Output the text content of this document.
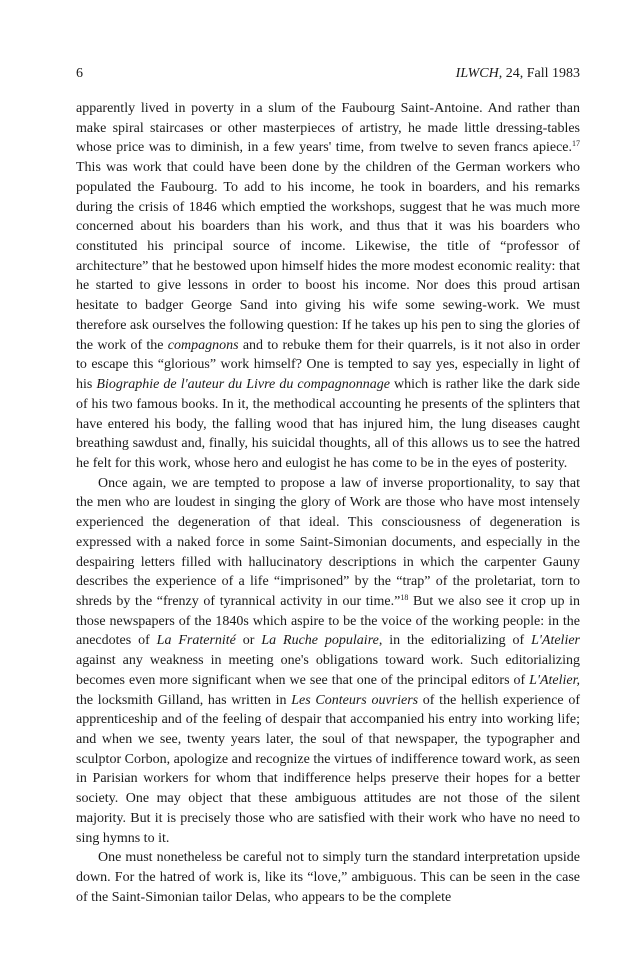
6	ILWCH, 24, Fall 1983

apparently lived in poverty in a slum of the Faubourg Saint-Antoine. And rather than make spiral staircases or other masterpieces of artistry, he made little dressing-tables whose price was to diminish, in a few years' time, from twelve to seven francs apiece.$^{17}$ This was work that could have been done by the children of the German workers who populated the Faubourg. To add to his income, he took in boarders, and his remarks during the crisis of 1846 which emptied the workshops, suggest that he was much more concerned about his boarders than his work, and thus that it was his boarders who constituted his principal source of income. Likewise, the title of “professor of architecture” that he bestowed upon himself hides the more modest economic reality: that he started to give lessons in order to boost his income. Nor does this proud artisan hesitate to badger George Sand into giving his wife some sewing-work. We must therefore ask ourselves the following question: If he takes up his pen to sing the glories of the work of the compagnons and to rebuke them for their quarrels, is it not also in order to escape this “glorious” work himself? One is tempted to say yes, especially in light of his Biographie de l'auteur du Livre du compagnonnage which is rather like the dark side of his two famous books. In it, the methodical accounting he presents of the splinters that have entered his body, the falling wood that has injured him, the lung diseases caught breathing sawdust and, finally, his suicidal thoughts, all of this allows us to see the hatred he felt for this work, whose hero and eulogist he has come to be in the eyes of posterity.

Once again, we are tempted to propose a law of inverse proportionality, to say that the men who are loudest in singing the glory of Work are those who have most intensely experienced the degeneration of that ideal. This consciousness of degeneration is expressed with a naked force in some Saint-Simonian documents, and especially in the despairing letters filled with hallucinatory descriptions in which the carpenter Gauny describes the experience of a life “imprisoned” by the “trap” of the proletariat, torn to shreds by the “frenzy of tyrannical activity in our time.”$^{18}$ But we also see it crop up in those newspapers of the 1840s which aspire to be the voice of the working people: in the anecdotes of La Fraternité or La Ruche populaire, in the editorializing of L'Atelier against any weakness in meeting one's obligations toward work. Such editorializing becomes even more significant when we see that one of the principal editors of L'Atelier, the locksmith Gilland, has written in Les Conteurs ouvriers of the hellish experience of apprenticeship and of the feeling of despair that accompanied his entry into working life; and when we see, twenty years later, the soul of that newspaper, the typographer and sculptor Corbon, apologize and recognize the virtues of indifference toward work, as seen in Parisian workers for whom that indifference helps preserve their hopes for a better society. One may object that these ambiguous attitudes are not those of the silent majority. But it is precisely those who are satisfied with their work who have no need to sing hymns to it.

One must nonetheless be careful not to simply turn the standard interpretation upside down. For the hatred of work is, like its “love,” ambiguous. This can be seen in the case of the Saint-Simonian tailor Delas, who appears to be the complete
